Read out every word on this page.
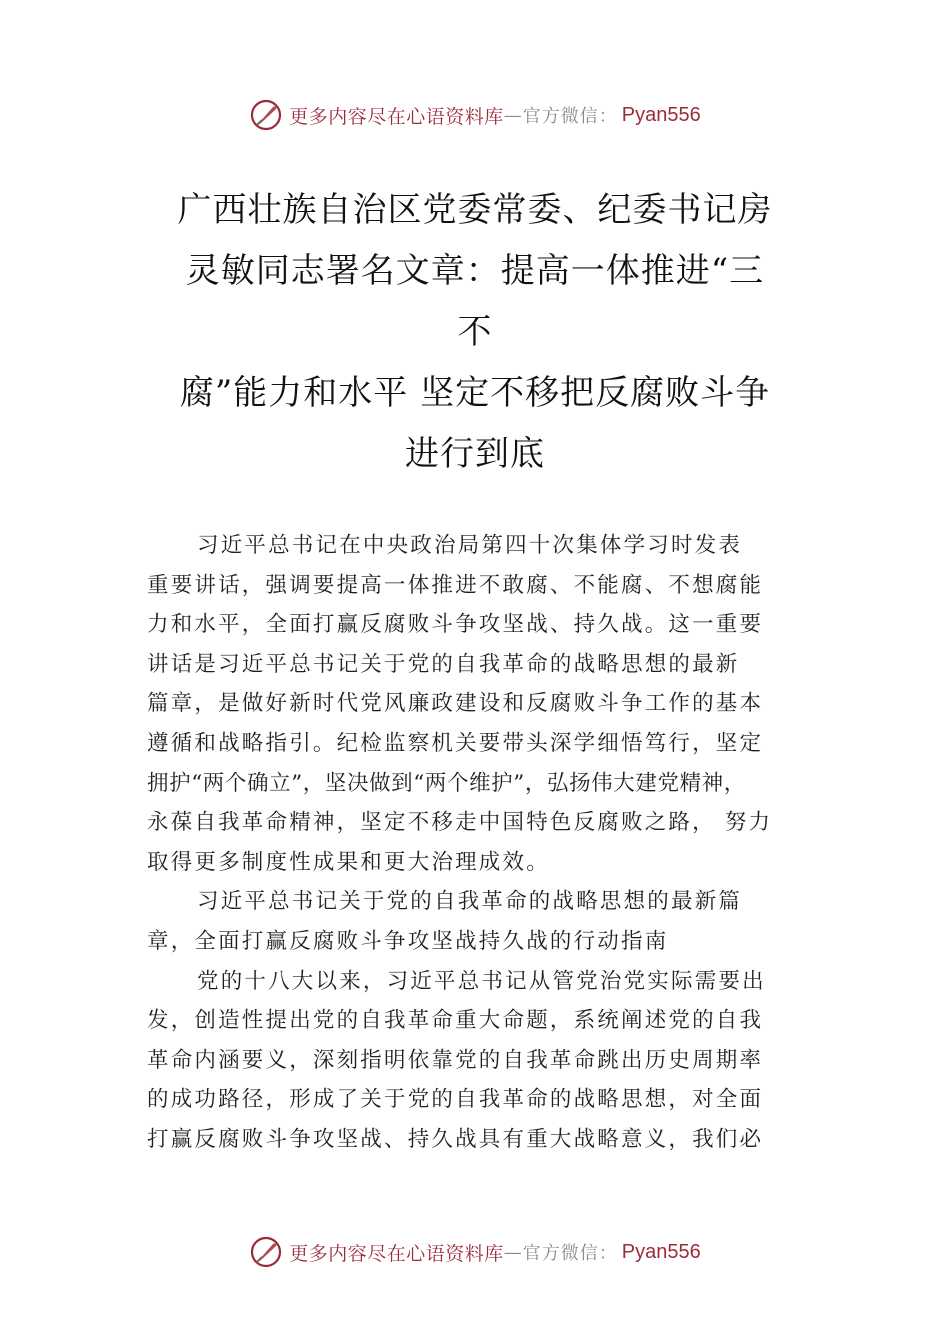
更多内容尽在心语资料库 — 官方微信： Pyan556
广西壮族自治区党委常委、纪委书记房
灵敏同志署名文章：提高一体推进“三
不
腐”能力和水平 坚定不移把反腐败斗争
进行到底
习近平总书记在中央政治局第四十次集体学习时发表
重要讲话，强调要提高一体推进不敢腐、不能腐、不想腐能
力和水平，全面打赢反腐败斗争攻坚战、持久战。这一重要
讲话是习近平总书记关于党的自我革命的战略思想的最新
篇章，是做好新时代党风廉政建设和反腐败斗争工作的基本
遵循和战略指引。纪检监察机关要带头深学细悟笃行，坚定
拥护“两个确立”，坚决做到“两个维护”，弘扬伟大建党精神，
永葆自我革命精神，坚定不移走中国特色反腐败之路， 努力
取得更多制度性成果和更大治理成效。
习近平总书记关于党的自我革命的战略思想的最新篇
章，全面打赢反腐败斗争攻坚战持久战的行动指南
党的十八大以来，习近平总书记从管党治党实际需要出
发，创造性提出党的自我革命重大命题，系统阐述党的自我
革命内涵要义，深刻指明依靠党的自我革命跳出历史周期率
的成功路径，形成了关于党的自我革命的战略思想，对全面
打赢反腐败斗争攻坚战、持久战具有重大战略意义，我们必
更多内容尽在心语资料库 — 官方微信： Pyan556
